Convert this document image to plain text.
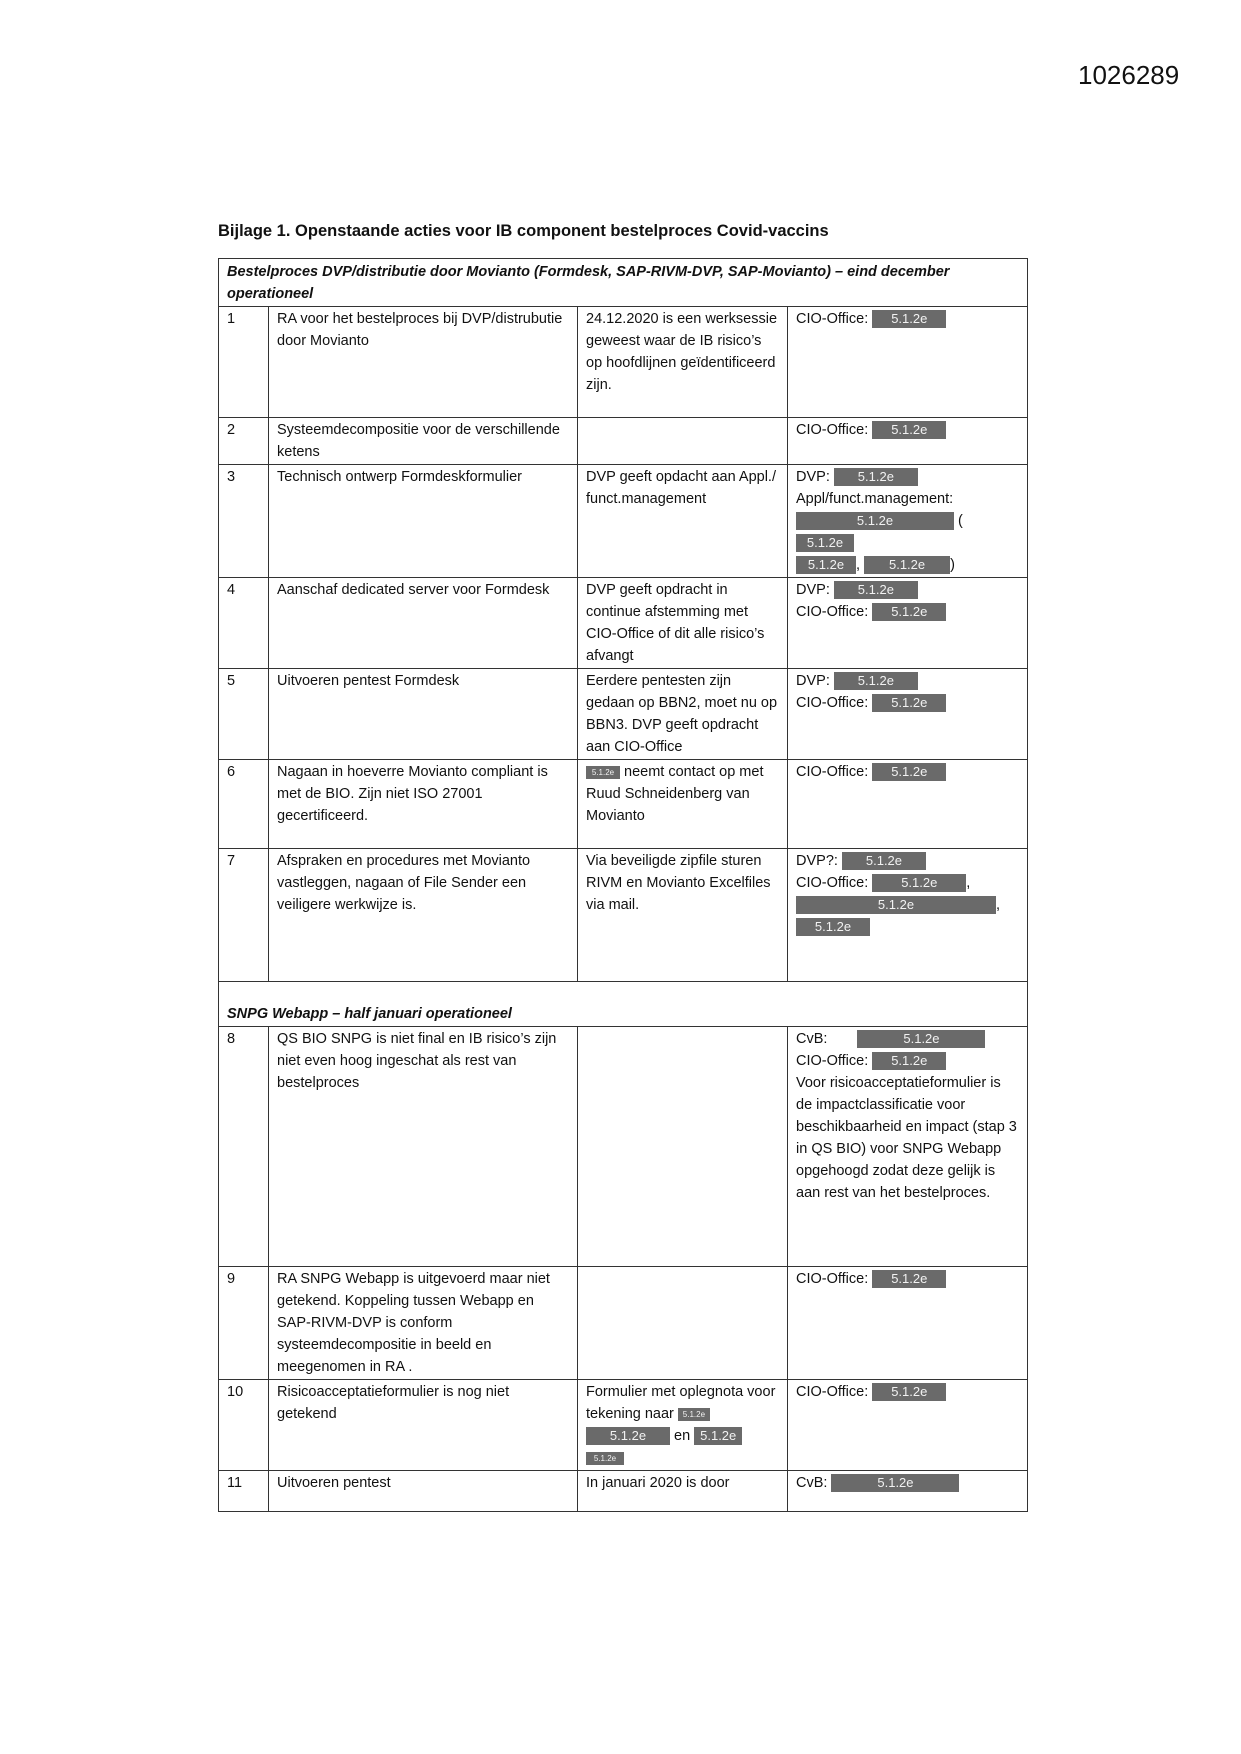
1026289
Bijlage 1. Openstaande acties voor IB component bestelproces Covid-vaccins
Bestelproces DVP/distributie door Movianto (Formdesk, SAP-RIVM-DVP, SAP-Movianto) – eind december operationeel			
1	RA voor het bestelproces bij DVP/distrubutie door Movianto	24.12.2020 is een werksessie geweest waar de IB risico’s op hoofdlijnen geïdentificeerd zijn.	CIO-Office: 5.1.2e
2	Systeemdecompositie voor de verschillende ketens		CIO-Office: 5.1.2e
3	Technisch ontwerp Formdeskformulier	DVP geeft opdacht aan Appl./ funct.management	DVP: 5.1.2e
Appl/funct.management:
5.1.2e (5.1.2e
5.1.2e , 5.1.2e )

4	Aanschaf dedicated server voor Formdesk	DVP geeft opdracht in continue afstemming met CIO-Office of dit alle risico’s afvangt	DVP: 5.1.2e
CIO-Office: 5.1.2e

5	Uitvoeren pentest Formdesk	Eerdere pentesten zijn gedaan op BBN2, moet nu op BBN3. DVP geeft opdracht aan CIO-Office	DVP: 5.1.2e
CIO-Office: 5.1.2e

6	Nagaan in hoeverre Movianto compliant is met de BIO. Zijn niet ISO 27001 gecertificeerd.	5.1.2e neemt contact op met Ruud Schneidenberg van Movianto	CIO-Office: 5.1.2e
7	Afspraken en procedures met Movianto vastleggen, nagaan of File Sender een veiligere werkwijze is.	Via beveiligde zipfile sturen RIVM en Movianto Excelfiles via mail.	DVP?: 5.1.2e
CIO-Office: 5.1.2e ,
5.1.2e ,
5.1.2e

SNPG Webapp – half januari operationeel			
8	QS BIO SNPG is niet final en IB risico’s zijn niet even hoog ingeschat als rest van bestelproces		CvB: 5.1.2e
CIO-Office: 5.1.2e
Voor risicoacceptatieformulier is de impactclassificatie voor beschikbaarheid en impact (stap 3 in QS BIO) voor SNPG Webapp opgehoogd zodat deze gelijk is aan rest van het bestelproces.

9	RA SNPG Webapp is uitgevoerd maar niet getekend. Koppeling tussen Webapp en SAP-RIVM-DVP is conform systeemdecompositie in beeld en meegenomen in RA .		CIO-Office: 5.1.2e
10	Risicoacceptatieformulier is nog niet getekend	Formulier met oplegnota voor tekening naar 5.1.2e
5.1.2e en 5.1.2e
5.1.2e	CIO-Office: 5.1.2e
11	Uitvoeren pentest	In januari 2020 is door	CvB: 5.1.2e
